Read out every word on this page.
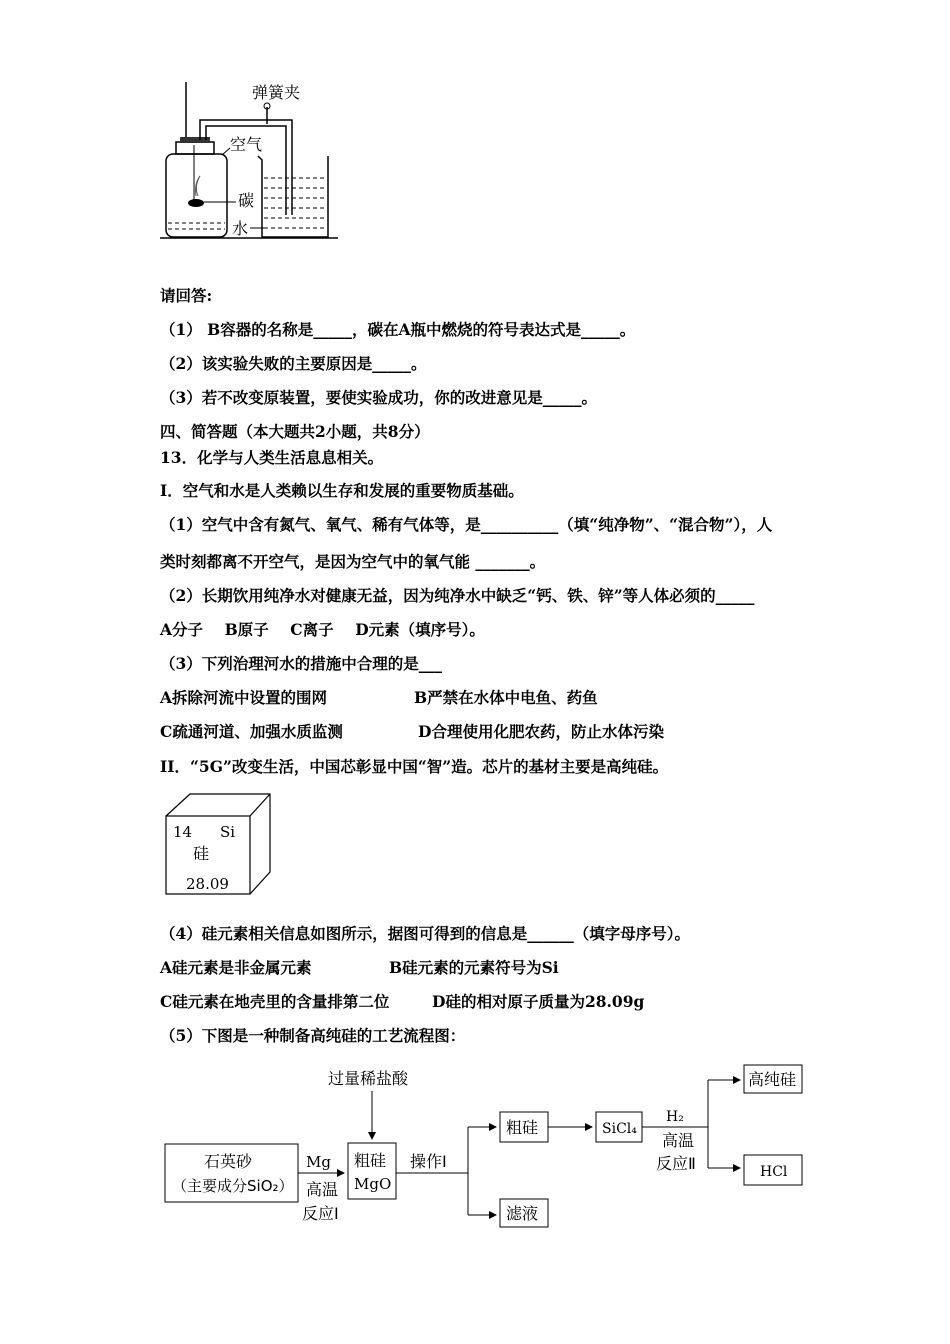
弹簧夹
空气
碳
水
请回答:
（1） B容器的名称是_____，碳在A瓶中燃烧的符号表达式是_____。
（2）该实验失败的主要原因是_____。
（3）若不改变原装置，要使实验成功，你的改进意见是_____。
四、简答题（本大题共2小题，共8分）
13．化学与人类生活息息相关。
I．空气和水是人类赖以生存和发展的重要物质基础。
（1）空气中含有氮气、氧气、稀有气体等，是__________（填“纯净物”、“混合物”），人
类时刻都离不开空气，是因为空气中的氧气能 _______。
（2）长期饮用纯净水对健康无益，因为纯净水中缺乏“钙、铁、锌”等人体必须的_____
A分子    B原子    C离子    D元素（填序号）。
（3）下列治理河水的措施中合理的是___
A拆除河流中设置的围网	B严禁在水体中电鱼、药鱼
C疏通河道、加强水质监测	D合理使用化肥农药，防止水体污染
II．“5G”改变生活，中国芯彰显中国“智”造。芯片的基材主要是高纯硅。
14 Si
硅
28.09
（4）硅元素相关信息如图所示，据图可得到的信息是______（填字母序号）。
A硅元素是非金属元素	B硅元素的元素符号为Si
C硅元素在地壳里的含量排第二位	D硅的相对原子质量为28.09g
（5）下图是一种制备高纯硅的工艺流程图：
过量稀盐酸
石英砂
（主要成分SiO₂）
Mg
高温
反应Ⅰ
粗硅
MgO
操作Ⅰ
粗硅	SiCl₄
H₂
高温
反应Ⅱ
高纯硅
HCl
滤液
